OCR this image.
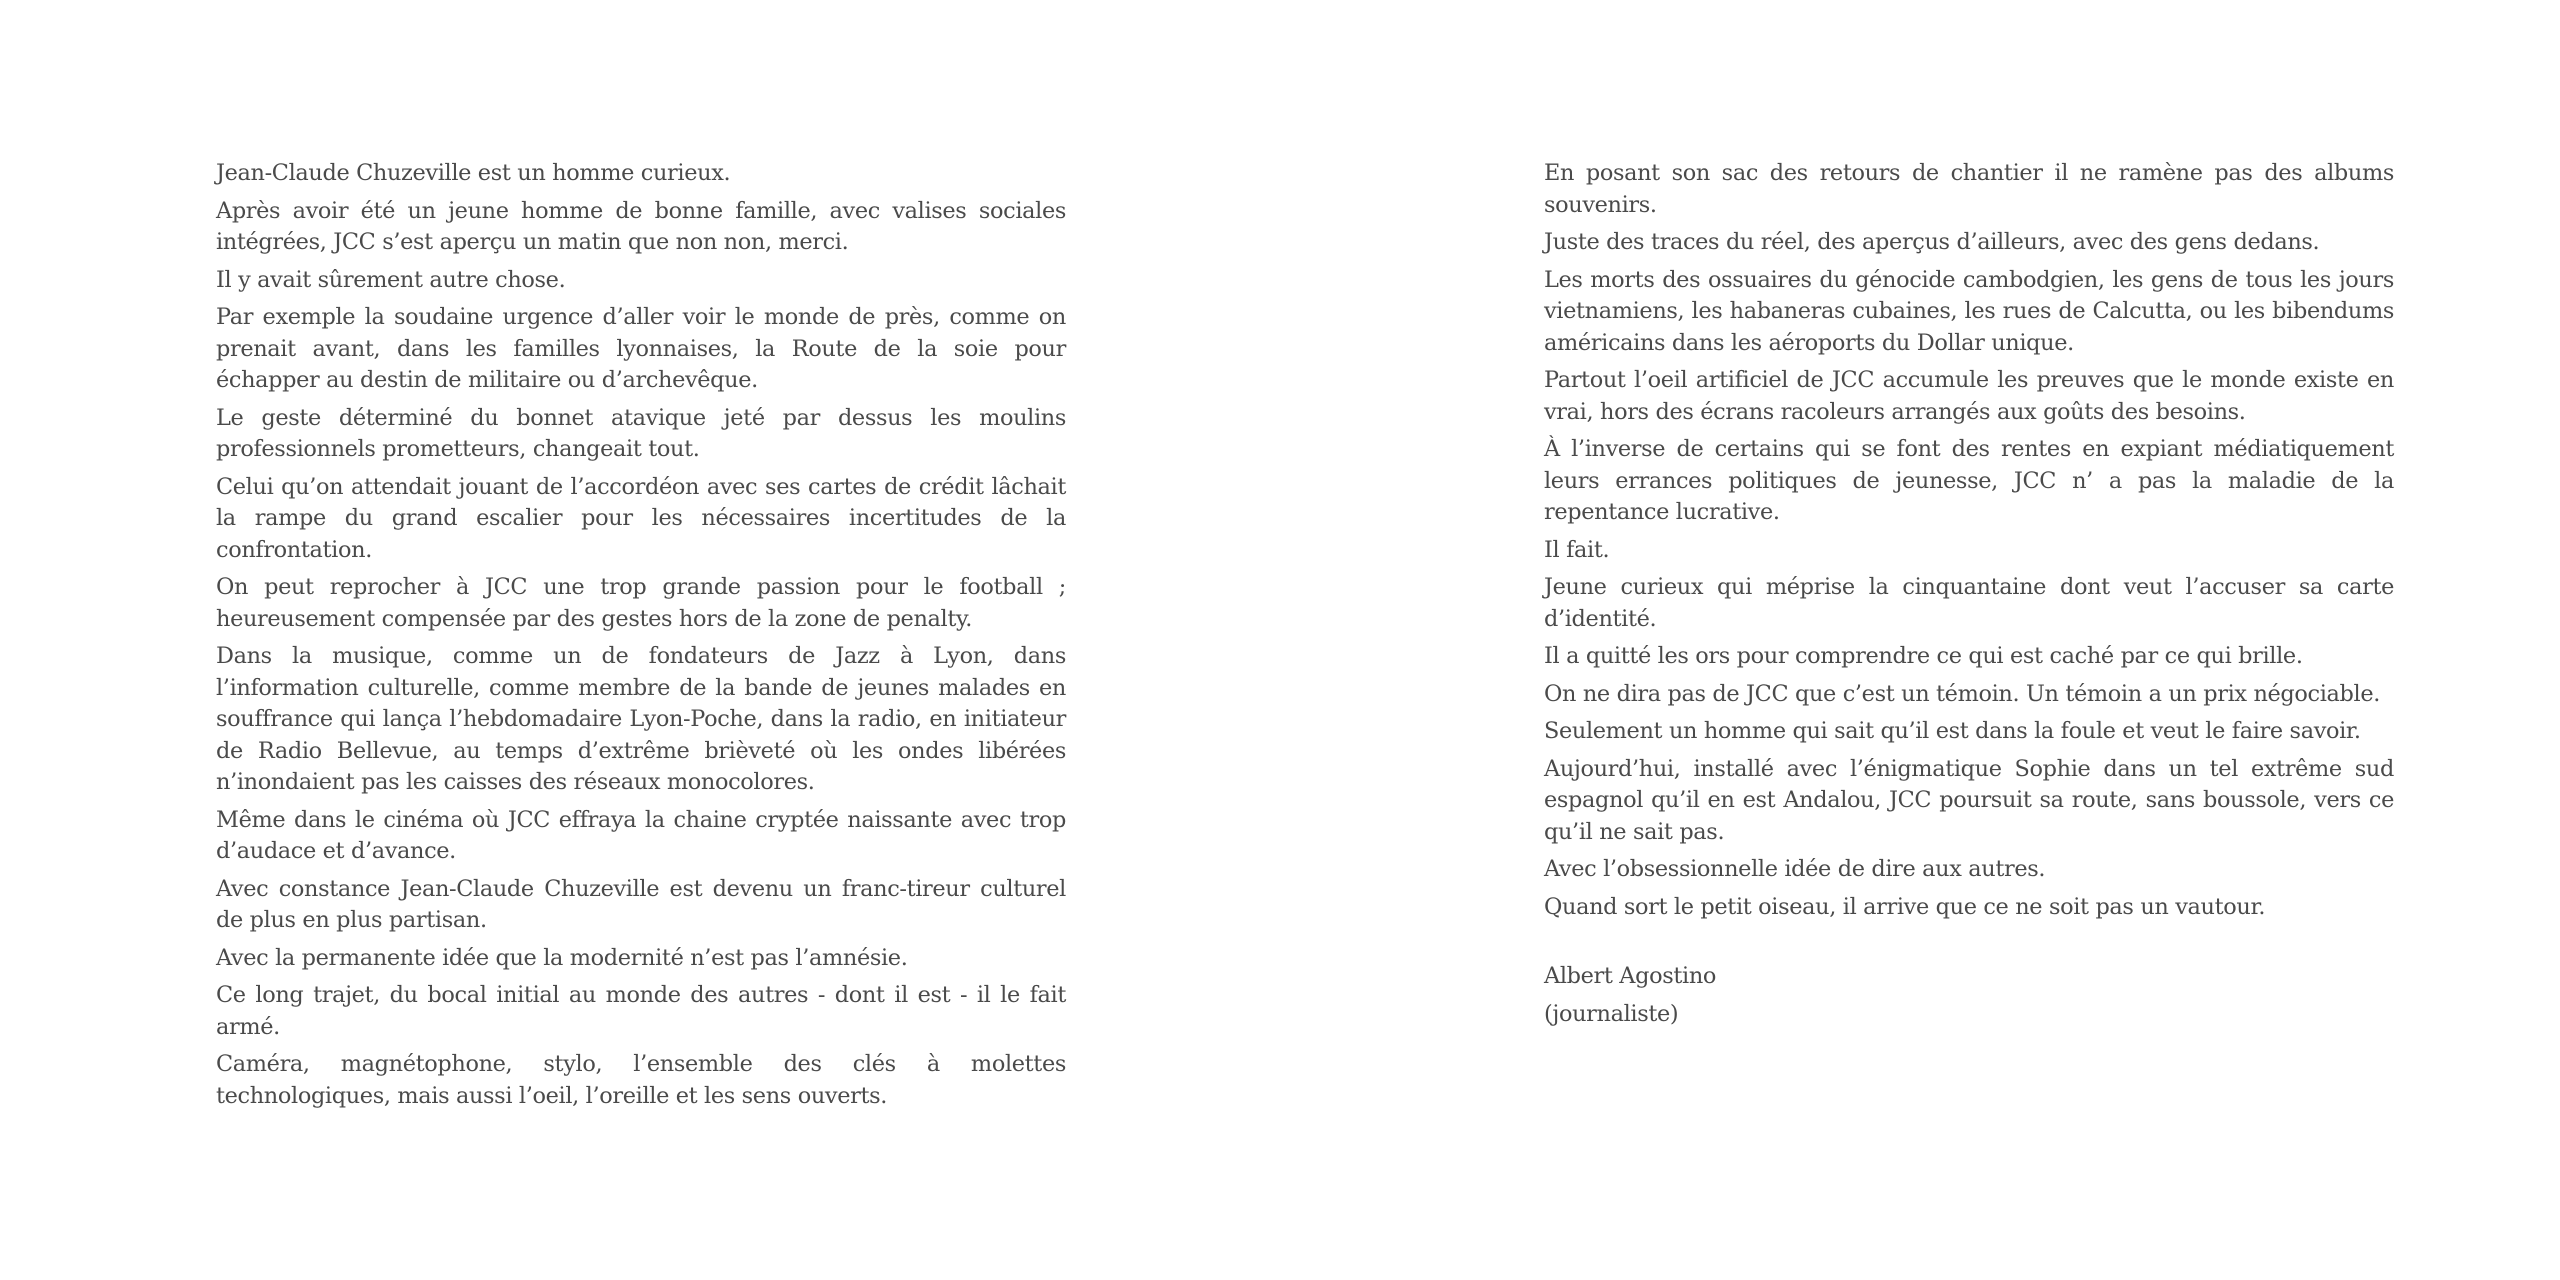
Jean-Claude Chuzeville est un homme curieux.

Après avoir été un jeune homme de bonne famille, avec valises sociales intégrées, JCC s’est aperçu un matin que non non, merci.

Il y avait sûrement autre chose.

Par exemple la soudaine urgence d’aller voir le monde de près, comme on prenait avant, dans les familles lyonnaises, la Route de la soie pour échapper au destin de militaire ou d’archevêque.

Le geste déterminé du bonnet atavique jeté par dessus les moulins professionnels prometteurs, changeait tout.

Celui qu’on attendait jouant de l’accordéon avec ses cartes de crédit lâchait la rampe du grand escalier pour les nécessaires incertitudes de la confrontation.

On peut reprocher à JCC une trop grande passion pour le football ; heureusement compensée par des gestes hors de la zone de penalty.

Dans la musique, comme un de fondateurs de Jazz à Lyon, dans l’information culturelle, comme membre de la bande de jeunes malades en souffrance qui lança l’hebdomadaire Lyon-Poche, dans la radio, en initiateur de Radio Bellevue, au temps d’extrême brièveté où les ondes libérées n’inondaient pas les caisses des réseaux monocolores.

Même dans le cinéma où JCC effraya la chaine cryptée naissante avec trop d’audace et d’avance.

Avec constance Jean-Claude Chuzeville est devenu un franc-tireur culturel de plus en plus partisan.

Avec la permanente idée que la modernité n’est pas l’amnésie.

Ce long trajet, du bocal initial au monde des autres - dont il est - il le fait armé.

Caméra, magnétophone, stylo, l’ensemble des clés à molettes technologiques, mais aussi l’oeil, l’oreille et les sens ouverts.

En posant son sac des retours de chantier il ne ramène pas des albums souvenirs.

Juste des traces du réel, des aperçus d’ailleurs, avec des gens dedans.

Les morts des ossuaires du génocide cambodgien, les gens de tous les jours vietnamiens, les habaneras cubaines, les rues de Calcutta, ou les bibendums américains dans les aéroports du Dollar unique.

Partout l’oeil artificiel de JCC accumule les preuves que le monde existe en vrai, hors des écrans racoleurs arrangés aux goûts des besoins.

À l’inverse de certains qui se font des rentes en expiant médiatiquement leurs errances politiques de jeunesse, JCC n’ a pas la maladie de la repentance lucrative.

Il fait.

Jeune curieux qui méprise la cinquantaine dont veut l’accuser sa carte d’identité.

Il a quitté les ors pour comprendre ce qui est caché par ce qui brille.

On ne dira pas de JCC que c’est un témoin. Un témoin a un prix négociable.

Seulement un homme qui sait qu’il est dans la foule et veut le faire savoir.

Aujourd’hui, installé avec l’énigmatique Sophie dans un tel extrême sud espagnol qu’il en est Andalou, JCC poursuit sa route, sans boussole, vers ce qu’il ne sait pas.

Avec l’obsessionnelle idée de dire aux autres.

Quand sort le petit oiseau, il arrive que ce ne soit pas un vautour.

Albert Agostino

(journaliste)
